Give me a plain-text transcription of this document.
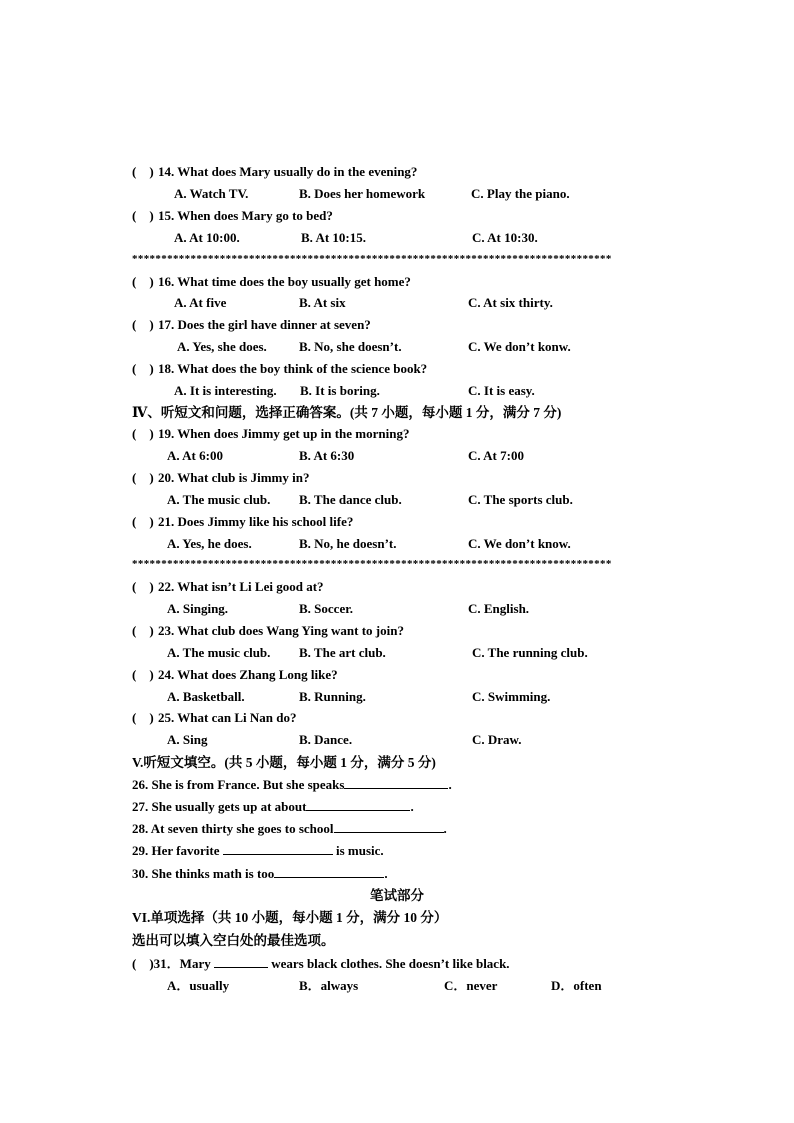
(    ) 14. What does Mary usually do in the evening?
A. Watch TV.	B. Does her homework	C. Play the piano.
(    ) 15. When does Mary go to bed?
A. At 10:00.	B. At 10:15.	C. At 10:30.
**********************************************************************************
(    ) 16. What time does the boy usually get home?
A. At five	B. At six	C. At six thirty.
(    ) 17. Does the girl have dinner at seven?
A. Yes, she does. B. No, she doesn’t.	C. We don’t konw.
(    ) 18. What does the boy think of the science book?
A. It is interesting. B. It is boring.	C. It is easy.
Ⅳ、听短文和问题，选择正确答案。(共 7 小题，每小题 1 分，满分 7 分)
(    ) 19. When does Jimmy get up in the morning?
A. At 6:00	B. At 6:30	C. At 7:00
(    ) 20. What club is Jimmy in?
A. The music club. B. The dance club.	C. The sports club.
(    ) 21. Does Jimmy like his school life?
A. Yes, he does.	B. No, he doesn’t.	C. We don’t know.
**********************************************************************************
(    ) 22. What isn’t Li Lei good at?
A. Singing.	B. Soccer.	C. English.
(    ) 23. What club does Wang Ying want to join?
A. The music club. B. The art club.	C. The running club.
(    ) 24. What does Zhang Long like?
A. Basketball.	B. Running.	C. Swimming.
(    ) 25. What can Li Nan do?
A. Sing	B. Dance.	C. Draw.
V.听短文填空。(共 5 小题，每小题 1 分，满分 5 分)
26. She is from France. But she speaks	.
27. She usually gets up at about	.
28. At seven thirty she goes to school	.
29. Her favorite	is music.
30. She thinks math is too	.
笔试部分
VI.单项选择（共 10 小题，每小题 1 分，满分 10 分）
选出可以填入空白处的最佳选项。
(    )31．Mary	wears black clothes. She doesn’t like black.
A．usually	B．always	C．never	D．often
